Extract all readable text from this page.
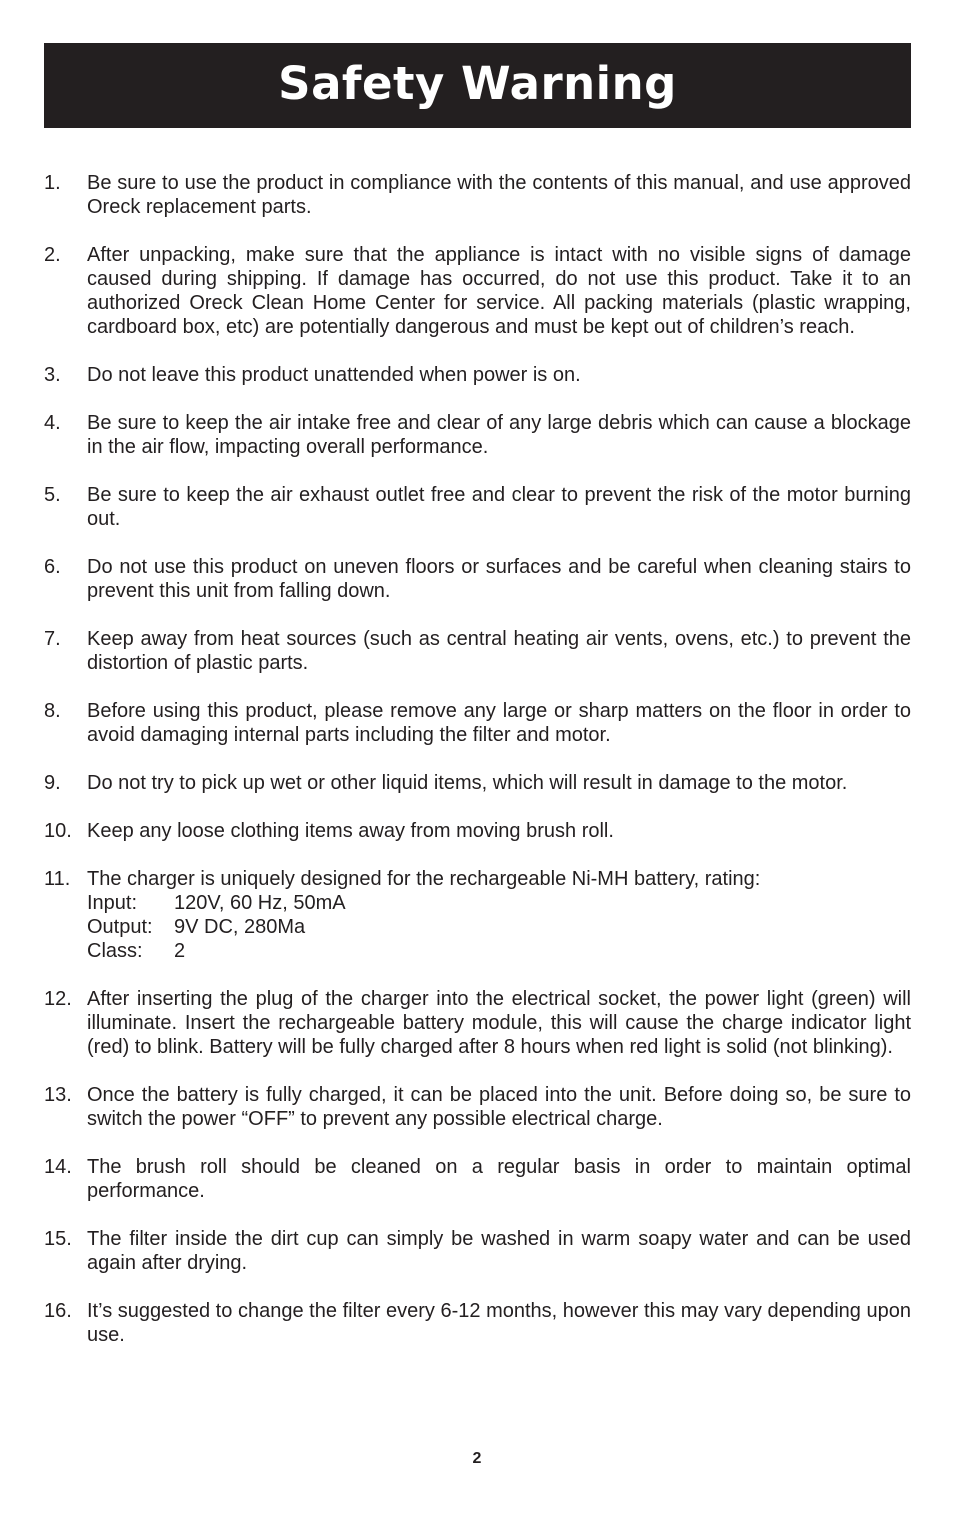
Safety Warning
1. Be sure to use the product in compliance with the contents of this manual, and use approved Oreck replacement parts.
2. After unpacking, make sure that the appliance is intact with no visible signs of damage caused during shipping. If damage has occurred, do not use this product. Take it to an authorized Oreck Clean Home Center for service. All packing materials (plastic wrapping, cardboard box, etc) are potentially dangerous and must be kept out of children’s reach.
3. Do not leave this product unattended when power is on.
4. Be sure to keep the air intake free and clear of any large debris which can cause a blockage in the air flow, impacting overall performance.
5. Be sure to keep the air exhaust outlet free and clear to prevent the risk of the motor burning out.
6. Do not use this product on uneven floors or surfaces and be careful when cleaning stairs to prevent this unit from falling down.
7. Keep away from heat sources (such as central heating air vents, ovens, etc.) to prevent the distortion of plastic parts.
8. Before using this product, please remove any large or sharp matters on the floor in order to avoid damaging internal parts including the filter and motor.
9. Do not try to pick up wet or other liquid items, which will result in damage to the motor.
10. Keep any loose clothing items away from moving brush roll.
11. The charger is uniquely designed for the rechargeable Ni-MH battery, rating:
Input:	120V, 60 Hz, 50mA
Output:	9V DC, 280Ma
Class:	2
12. After inserting the plug of the charger into the electrical socket, the power light (green) will illuminate. Insert the rechargeable battery module, this will cause the charge indicator light (red) to blink. Battery will be fully charged after 8 hours when red light is solid (not blinking).
13. Once the battery is fully charged, it can be placed into the unit. Before doing so, be sure to switch the power “OFF” to prevent any possible electrical charge.
14. The brush roll should be cleaned on a regular basis in order to maintain optimal performance.
15. The filter inside the dirt cup can simply be washed in warm soapy water and can be used again after drying.
16. It’s suggested to change the filter every 6-12 months, however this may vary depending upon use.
2
